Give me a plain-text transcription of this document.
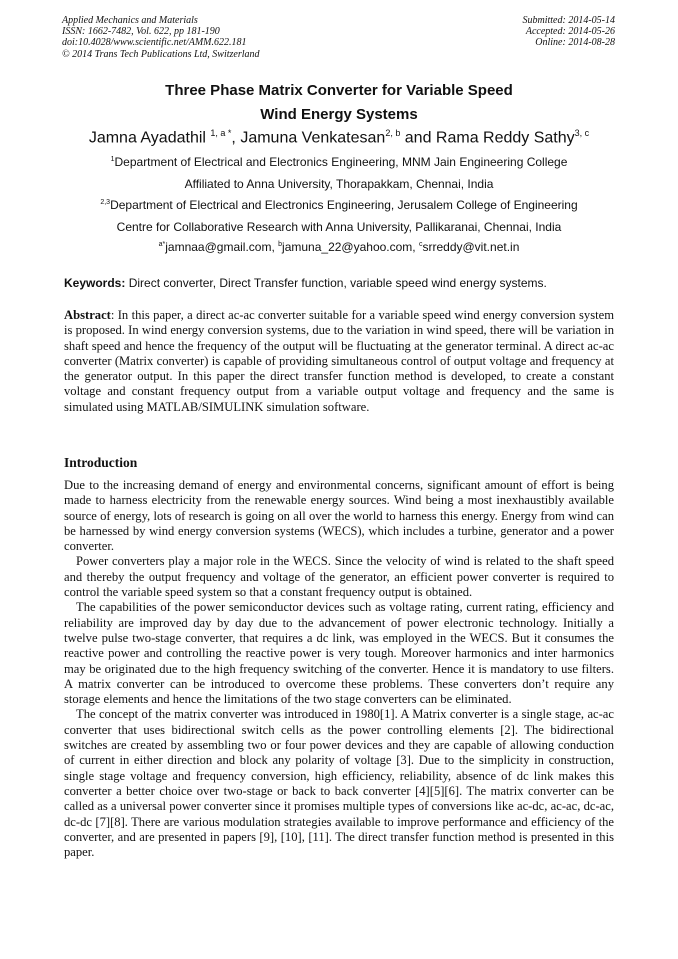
Applied Mechanics and Materials
ISSN: 1662-7482, Vol. 622, pp 181-190
doi:10.4028/www.scientific.net/AMM.622.181
© 2014 Trans Tech Publications Ltd, Switzerland
Submitted: 2014-05-14
Accepted: 2014-05-26
Online: 2014-08-28
Three Phase Matrix Converter for Variable Speed
Wind Energy Systems
Jamna Ayadathil $^{1, a *}$, Jamuna Venkatesan$^{2, b}$ and Rama Reddy Sathy$^{3, c}$
$^1$Department of Electrical and Electronics Engineering, MNM Jain Engineering College
Affiliated to Anna University, Thorapakkam, Chennai, India
$^{2,3}$Department of Electrical and Electronics Engineering, Jerusalem College of Engineering
Centre for Collaborative Research with Anna University, Pallikaranai, Chennai, India
$^{a*}$jamnaa@gmail.com, $^b$jamuna_22@yahoo.com, $^c$srreddy@vit.net.in
Keywords: Direct converter, Direct Transfer function, variable speed wind energy systems.
Abstract: In this paper, a direct ac-ac converter suitable for a variable speed wind energy conversion system is proposed. In wind energy conversion systems, due to the variation in wind speed, there will be variation in shaft speed and hence the frequency of the output will be fluctuating at the generator terminal. A direct ac-ac converter (Matrix converter) is capable of providing simultaneous control of output voltage and frequency at the generator output. In this paper the direct transfer function method is developed, to create a constant voltage and constant frequency output from a variable output voltage and frequency and the same is simulated using MATLAB/SIMULINK simulation software.
Introduction

Due to the increasing demand of energy and environmental concerns, significant amount of effort is being made to harness electricity from the renewable energy sources. Wind being a most inexhaustibly available source of energy, lots of research is going on all over the world to harness this energy. Energy from wind can be harnessed by wind energy conversion systems (WECS), which includes a turbine, generator and a power converter.

Power converters play a major role in the WECS. Since the velocity of wind is related to the shaft speed and thereby the output frequency and voltage of the generator, an efficient power converter is required to control the variable speed system so that a constant frequency output is obtained.

The capabilities of the power semiconductor devices such as voltage rating, current rating, efficiency and reliability are improved day by day due to the advancement of power electronic technology. Initially a twelve pulse two-stage converter, that requires a dc link, was employed in the WECS. But it consumes the reactive power and controlling the reactive power is very tough. Moreover harmonics and inter harmonics may be originated due to the high frequency switching of the converter. Hence it is mandatory to use filters. A matrix converter can be introduced to overcome these problems. These converters don’t require any storage elements and hence the limitations of the two stage converters can be eliminated.

The concept of the matrix converter was introduced in 1980[1]. A Matrix converter is a single stage, ac-ac converter that uses bidirectional switch cells as the power controlling elements [2]. The bidirectional switches are created by assembling two or four power devices and they are capable of allowing conduction of current in either direction and block any polarity of voltage [3]. Due to the simplicity in construction, single stage voltage and frequency conversion, high efficiency, reliability, absence of dc link makes this converter a better choice over two-stage or back to back converter [4][5][6]. The matrix converter can be called as a universal power converter since it promises multiple types of conversions like ac-dc, ac-ac, dc-ac, dc-dc [7][8]. There are various modulation strategies available to improve performance and efficiency of the converter, and are presented in papers [9], [10], [11]. The direct transfer function method is presented in this paper.
